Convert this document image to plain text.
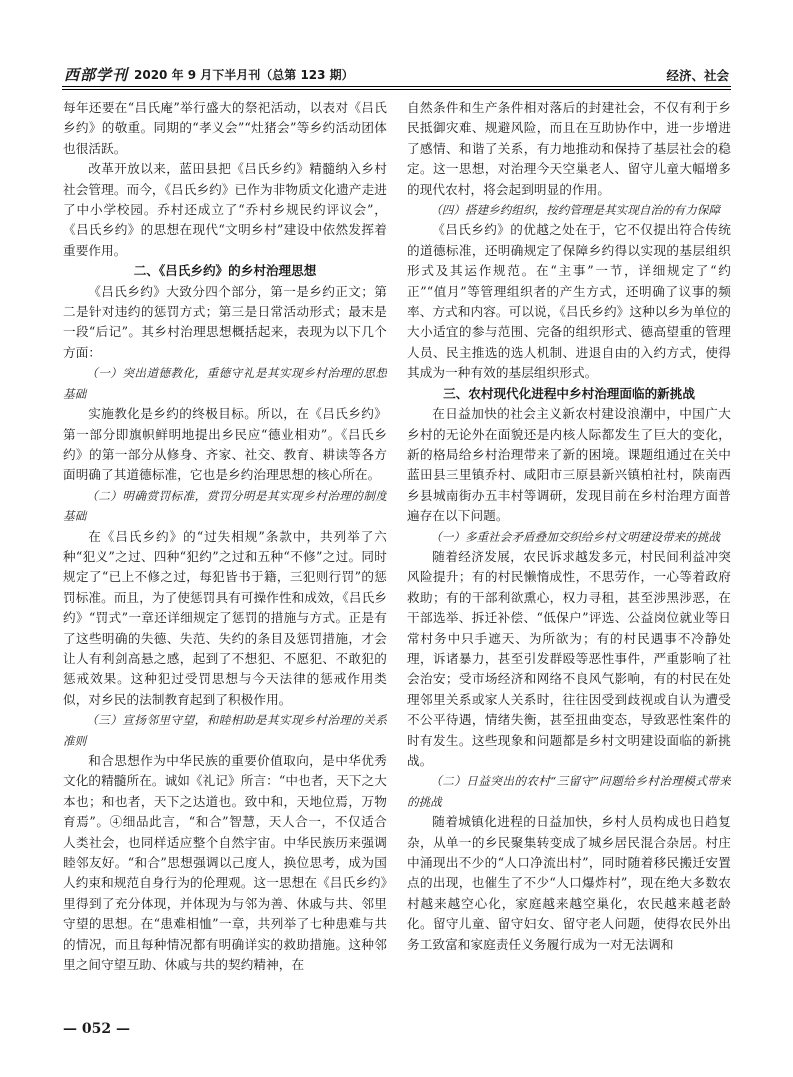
西部学刊 2020 年 9 月下半月刊（总第 123 期）	经济、社会

每年还要在“吕氏庵”举行盛大的祭祀活动，以表对《吕氏乡约》的敬重。同期的“孝义会”“灶猪会”等乡约活动团体也很活跃。

改革开放以来，蓝田县把《吕氏乡约》精髓纳入乡村社会管理。而今，《吕氏乡约》已作为非物质文化遗产走进了中小学校园。乔村还成立了“乔村乡规民约评议会”，《吕氏乡约》的思想在现代“文明乡村”建设中依然发挥着重要作用。

二、《吕氏乡约》的乡村治理思想

《吕氏乡约》大致分四个部分，第一是乡约正文；第二是针对违约的惩罚方式；第三是日常活动形式；最末是一段“后记”。其乡村治理思想概括起来，表现为以下几个方面：

（一）突出道德教化，重德守礼是其实现乡村治理的思想基础

实施教化是乡约的终极目标。所以，在《吕氏乡约》第一部分即旗帜鲜明地提出乡民应“德业相劝”。《吕氏乡约》的第一部分从修身、齐家、社交、教育、耕读等各方面明确了其道德标准，它也是乡约治理思想的核心所在。

（二）明确赏罚标准，赏罚分明是其实现乡村治理的制度基础

在《吕氏乡约》的“过失相规”条款中，共列举了六种“犯义”之过、四种“犯约”之过和五种“不修”之过。同时规定了“已上不修之过，每犯皆书于籍，三犯则行罚”的惩罚标准。而且，为了使惩罚具有可操作性和成效，《吕氏乡约》“罚式”一章还详细规定了惩罚的措施与方式。正是有了这些明确的失德、失范、失约的条目及惩罚措施，才会让人有利剑高悬之感，起到了不想犯、不愿犯、不敢犯的惩戒效果。这种犯过受罚思想与今天法律的惩戒作用类似，对乡民的法制教育起到了积极作用。

（三）宣扬邻里守望，和睦相助是其实现乡村治理的关系准则

和合思想作为中华民族的重要价值取向，是中华优秀文化的精髓所在。诚如《礼记》所言：“中也者，天下之大本也；和也者，天下之达道也。致中和，天地位焉，万物育焉”。④细品此言，“和合”智慧，天人合一，不仅适合人类社会，也同样适应整个自然宇宙。中华民族历来强调睦邻友好。“和合”思想强调以己度人，换位思考，成为国人约束和规范自身行为的伦理观。这一思想在《吕氏乡约》里得到了充分体现，并体现为与邻为善、休戚与共、邻里守望的思想。在“患难相恤”一章，共列举了七种患难与共的情况，而且每种情况都有明确详实的救助措施。这种邻里之间守望互助、休戚与共的契约精神，在

自然条件和生产条件相对落后的封建社会，不仅有利于乡民抵御灾难、规避风险，而且在互助协作中，进一步增进了感情、和谐了关系，有力地推动和保持了基层社会的稳定。这一思想，对治理今天空巢老人、留守儿童大幅增多的现代农村，将会起到明显的作用。

（四）搭建乡约组织，按约管理是其实现自治的有力保障

《吕氏乡约》的优越之处在于，它不仅提出符合传统的道德标准，还明确规定了保障乡约得以实现的基层组织形式及其运作规范。在“主事”一节，详细规定了“约正”“值月”等管理组织者的产生方式，还明确了议事的频率、方式和内容。可以说，《吕氏乡约》这种以乡为单位的大小适宜的参与范围、完备的组织形式、德高望重的管理人员、民主推选的选人机制、进退自由的入约方式，使得其成为一种有效的基层组织形式。

三、农村现代化进程中乡村治理面临的新挑战

在日益加快的社会主义新农村建设浪潮中，中国广大乡村的无论外在面貌还是内核人际都发生了巨大的变化，新的格局给乡村治理带来了新的困境。课题组通过在关中蓝田县三里镇乔村、咸阳市三原县新兴镇柏社村，陕南西乡县城南街办五丰村等调研，发现目前在乡村治理方面普遍存在以下问题。

（一）多重社会矛盾叠加交织给乡村文明建设带来的挑战

随着经济发展，农民诉求越发多元，村民间利益冲突风险提升；有的村民懒惰成性，不思劳作，一心等着政府救助；有的干部利欲熏心，权力寻租，甚至涉黑涉恶，在干部选举、拆迁补偿、“低保户”评选、公益岗位就业等日常村务中只手遮天、为所欲为；有的村民遇事不冷静处理，诉诸暴力，甚至引发群殴等恶性事件，严重影响了社会治安；受市场经济和网络不良风气影响，有的村民在处理邻里关系或家人关系时，往往因受到歧视或自认为遭受不公平待遇，情绪失衡，甚至扭曲变态，导致恶性案件的时有发生。这些现象和问题都是乡村文明建设面临的新挑战。

（二）日益突出的农村“三留守”问题给乡村治理模式带来的挑战

随着城镇化进程的日益加快，乡村人员构成也日趋复杂，从单一的乡民聚集转变成了城乡居民混合杂居。村庄中涌现出不少的“人口净流出村”，同时随着移民搬迁安置点的出现，也催生了不少“人口爆炸村”，现在绝大多数农村越来越空心化，家庭越来越空巢化，农民越来越老龄化。留守儿童、留守妇女、留守老人问题，使得农民外出务工致富和家庭责任义务履行成为一对无法调和

— 052 —
